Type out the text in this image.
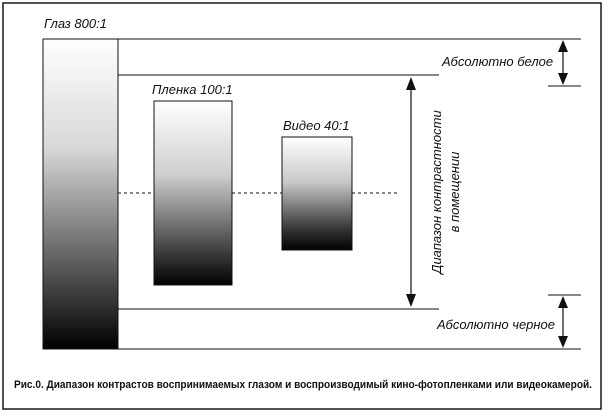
Глаз 800:1
Пленка 100:1
Видео 40:1	Диапазон контрастности в помещении
Абсолютно белое
Абсолютно черное
Рис.0. Диапазон контрастов воспринимаемых глазом и воспроизводимый кино-фотопленками или видеокамерой.
